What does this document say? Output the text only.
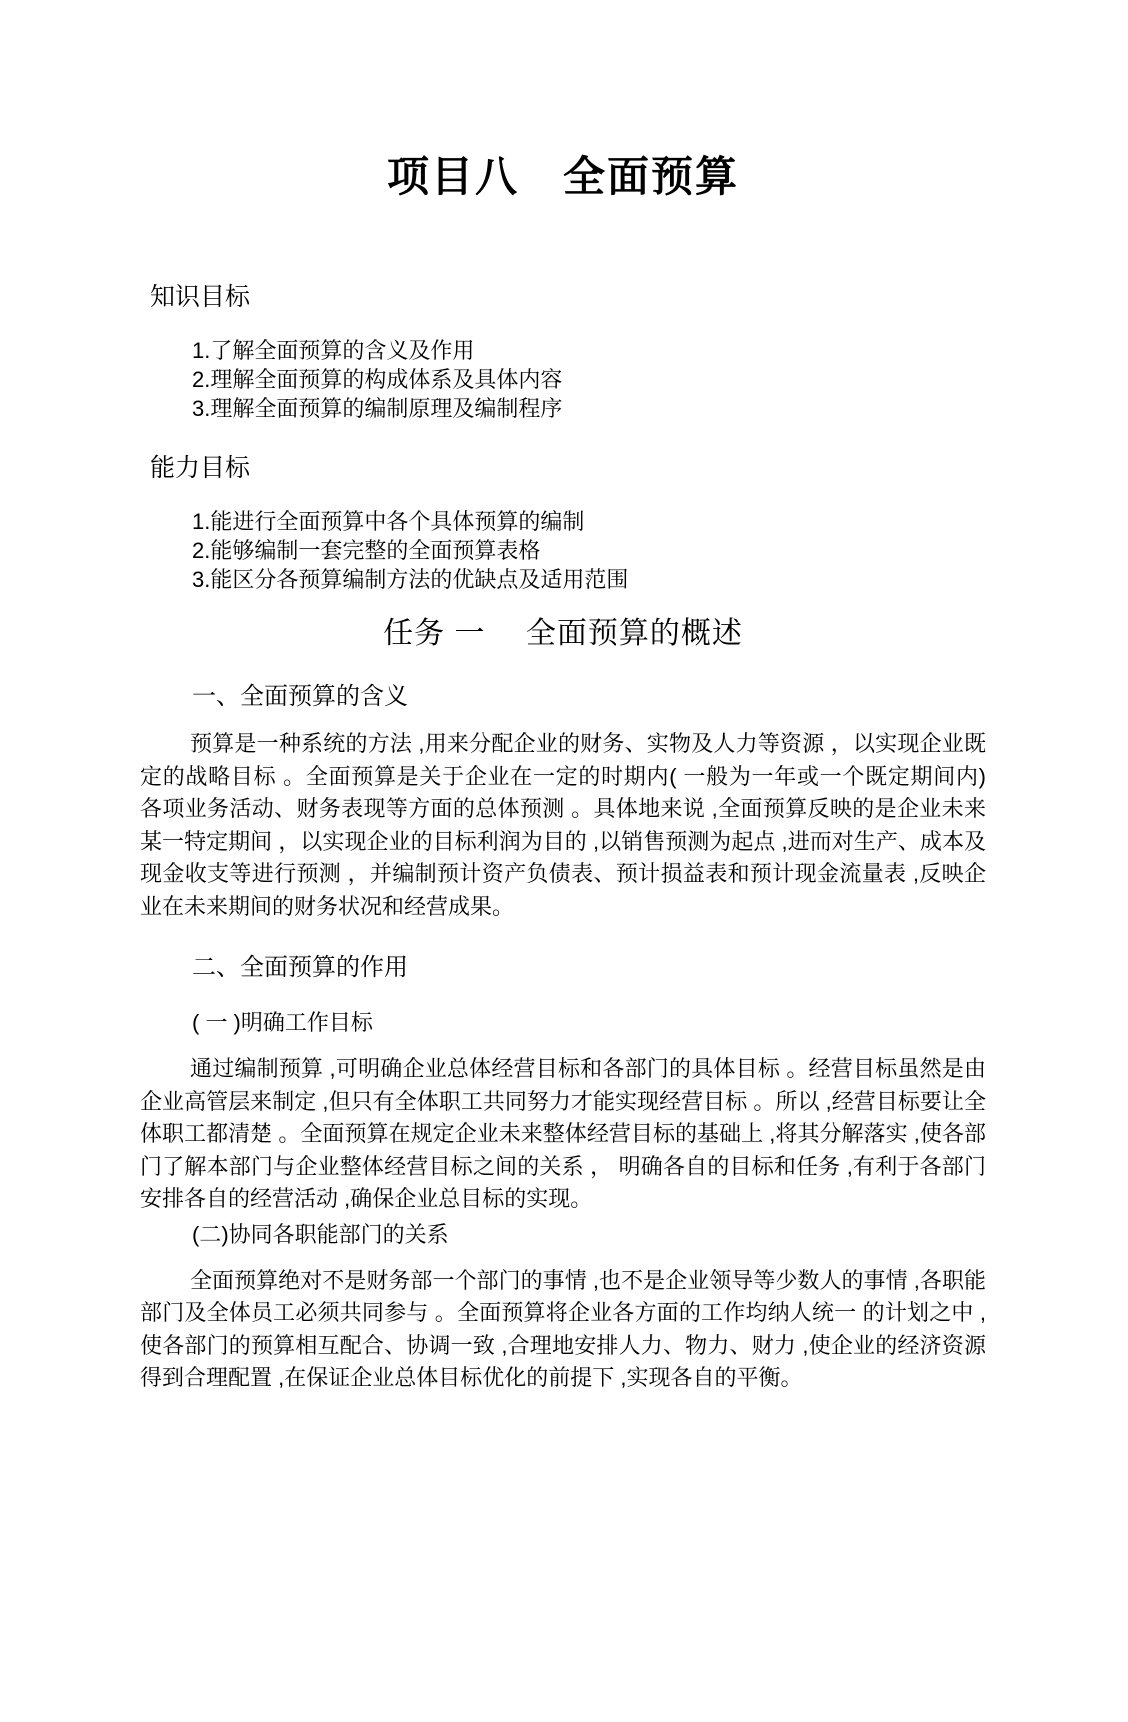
项目八　全面预算
知识目标
1.了解全面预算的含义及作用
2.理解全面预算的构成体系及具体内容
3.理解全面预算的编制原理及编制程序
能力目标
1.能进行全面预算中各个具体预算的编制
2.能够编制一套完整的全面预算表格
3.能区分各预算编制方法的优缺点及适用范围
任务 一　 全面预算的概述
一、全面预算的含义

预算是一种系统的方法 ,用来分配企业的财务、实物及人力等资源 ，以实现企业既定的战略目标 。全面预算是关于企业在一定的时期内( 一般为一年或一个既定期间内) 各项业务活动、财务表现等方面的总体预测 。具体地来说 ,全面预算反映的是企业未来某一特定期间 ，以实现企业的目标利润为目的 ,以销售预测为起点 ,进而对生产、成本及现金收支等进行预测 ，并编制预计资产负债表、预计损益表和预计现金流量表 ,反映企业在未来期间的财务状况和经营成果。

二、全面预算的作用
( 一 )明确工作目标

通过编制预算 ,可明确企业总体经营目标和各部门的具体目标 。经营目标虽然是由企业高管层来制定 ,但只有全体职工共同努力才能实现经营目标 。所以 ,经营目标要让全体职工都清楚 。全面预算在规定企业未来整体经营目标的基础上 ,将其分解落实 ,使各部门了解本部门与企业整体经营目标之间的关系 ， 明确各自的目标和任务 ,有利于各部门安排各自的经营活动 ,确保企业总目标的实现。

(二)协同各职能部门的关系

全面预算绝对不是财务部一个部门的事情 ,也不是企业领导等少数人的事情 ,各职能部门及全体员工必须共同参与 。全面预算将企业各方面的工作均纳人统一 的计划之中 ,使各部门的预算相互配合、协调一致 ,合理地安排人力、物力、财力 ,使企业的经济资源得到合理配置 ,在保证企业总体目标优化的前提下 ,实现各自的平衡。
